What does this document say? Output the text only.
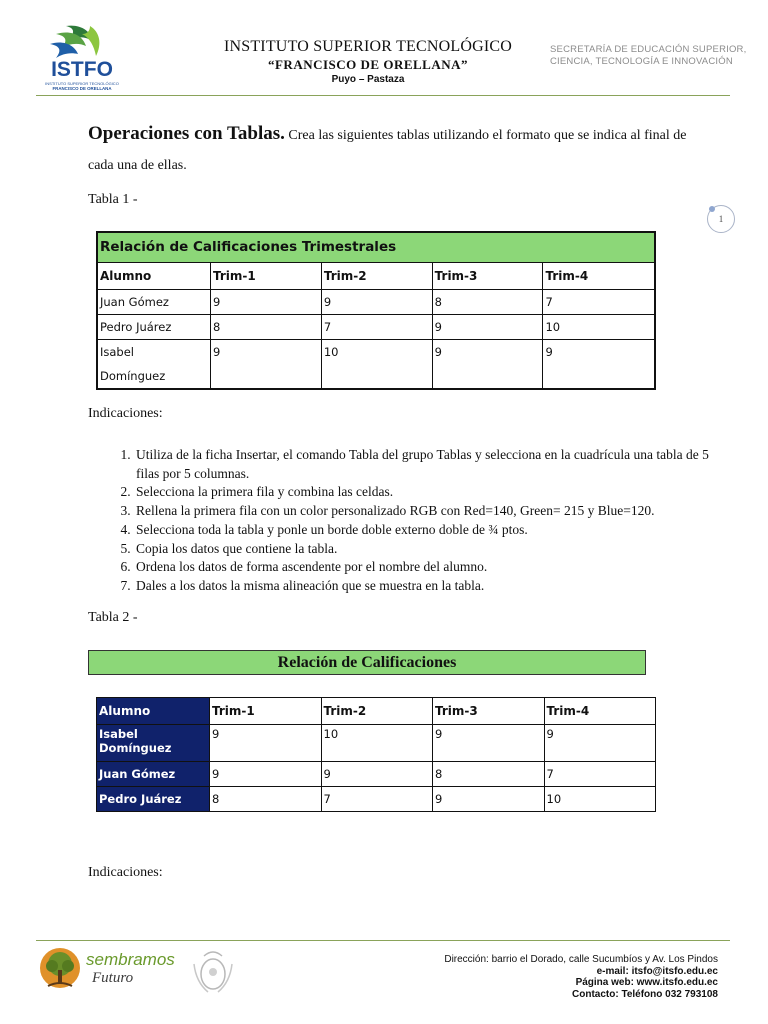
ISTFO
INSTITUTO SUPERIOR TECNOLÓGICO
FRANCISCO DE ORELLANA
INSTITUTO SUPERIOR TECNOLÓGICO
“FRANCISCO DE ORELLANA”
Puyo – Pastaza
SECRETARÍA DE EDUCACIÓN SUPERIOR,
CIENCIA, TECNOLOGÍA E INNOVACIÓN
Operaciones con Tablas. Crea las siguientes tablas utilizando el formato que se indica al final de cada una de ellas.
Tabla 1 -
1
Relación de Calificaciones Trimestrales				
Alumno	Trim-1	Trim-2	Trim-3	Trim-4
Juan Gómez	9	9	8	7
Pedro Juárez	8	7	9	10
Isabel
Domínguez	9	10	9	9
Indicaciones:
1. Utiliza de la ficha Insertar, el comando Tabla del grupo Tablas y selecciona en la cuadrícula una tabla de 5 filas por 5 columnas.
2. Selecciona la primera fila y combina las celdas.
3. Rellena la primera fila con un color personalizado RGB con Red=140, Green= 215 y Blue=120.
4. Selecciona toda la tabla y ponle un borde doble externo doble de ¾ ptos.
5. Copia los datos que contiene la tabla.
6. Ordena los datos de forma ascendente por el nombre del alumno.
7. Dales a los datos la misma alineación que se muestra en la tabla.
Tabla 2 -
Relación de Calificaciones
Alumno	Trim-1	Trim-2	Trim-3	Trim-4
Isabel Domínguez	9	10	9	9
Juan Gómez	9	9	8	7
Pedro Juárez	8	7	9	10
Indicaciones:
sembramos
Futuro
Dirección: barrio el Dorado, calle Sucumbíos y Av. Los Pindos
e-mail: itsfo@itsfo.edu.ec
Página web: www.itsfo.edu.ec
Contacto: Teléfono 032 793108
